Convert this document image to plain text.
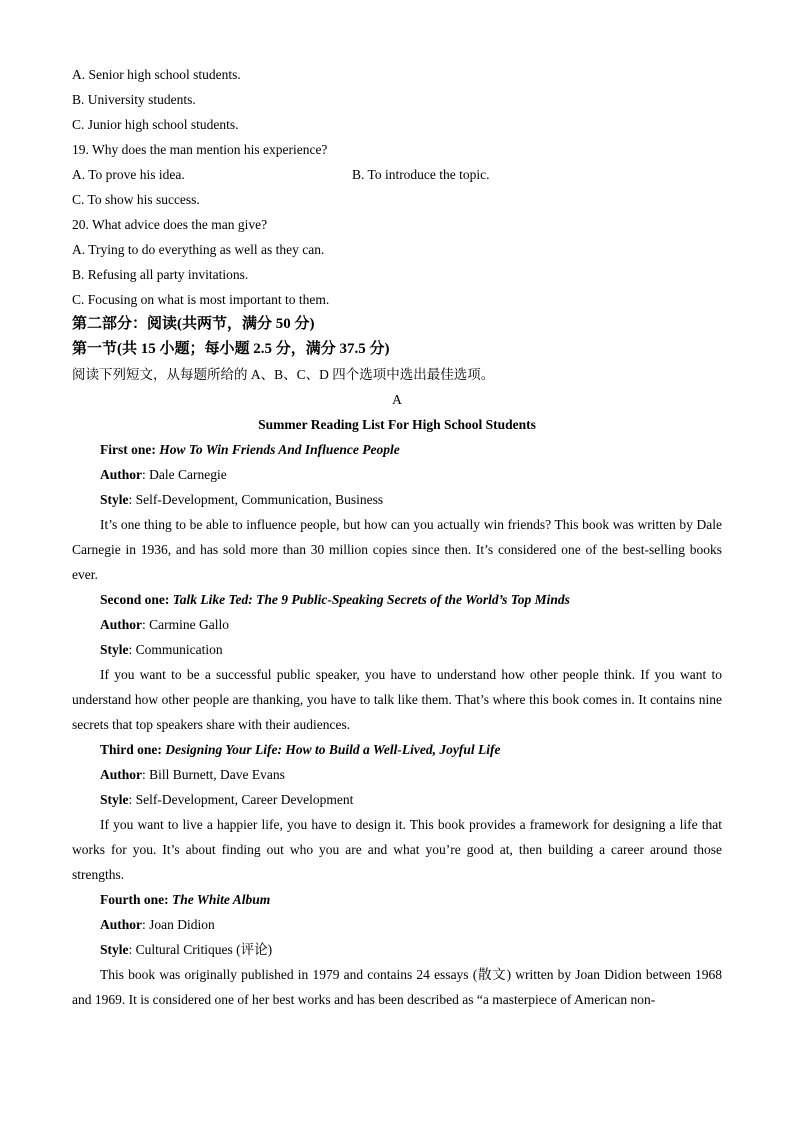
A. Senior high school students.
B. University students.
C. Junior high school students.
19. Why does the man mention his experience?
A. To prove his idea.	B. To introduce the topic.
C. To show his success.
20. What advice does the man give?
A. Trying to do everything as well as they can.
B. Refusing all party invitations.
C. Focusing on what is most important to them.
第二部分：阅读(共两节，满分 50 分)
第一节(共 15 小题；每小题 2.5 分，满分 37.5 分)
阅读下列短文，从每题所给的 A、B、C、D 四个选项中选出最佳选项。
A
Summer Reading List For High School Students
First one: How To Win Friends And Influence People
Author: Dale Carnegie
Style: Self-Development, Communication, Business
It’s one thing to be able to influence people, but how can you actually win friends? This book was written by Dale Carnegie in 1936, and has sold more than 30 million copies since then. It’s considered one of the best-selling books ever.
Second one: Talk Like Ted: The 9 Public-Speaking Secrets of the World’s Top Minds
Author: Carmine Gallo
Style: Communication
If you want to be a successful public speaker, you have to understand how other people think. If you want to understand how other people are thanking, you have to talk like them. That’s where this book comes in. It contains nine secrets that top speakers share with their audiences.
Third one: Designing Your Life: How to Build a Well-Lived, Joyful Life
Author: Bill Burnett, Dave Evans
Style: Self-Development, Career Development
If you want to live a happier life, you have to design it. This book provides a framework for designing a life that works for you. It’s about finding out who you are and what you’re good at, then building a career around those strengths.
Fourth one: The White Album
Author: Joan Didion
Style: Cultural Critiques (评论)
This book was originally published in 1979 and contains 24 essays (散文) written by Joan Didion between 1968 and 1969. It is considered one of her best works and has been described as “a masterpiece of American non-
